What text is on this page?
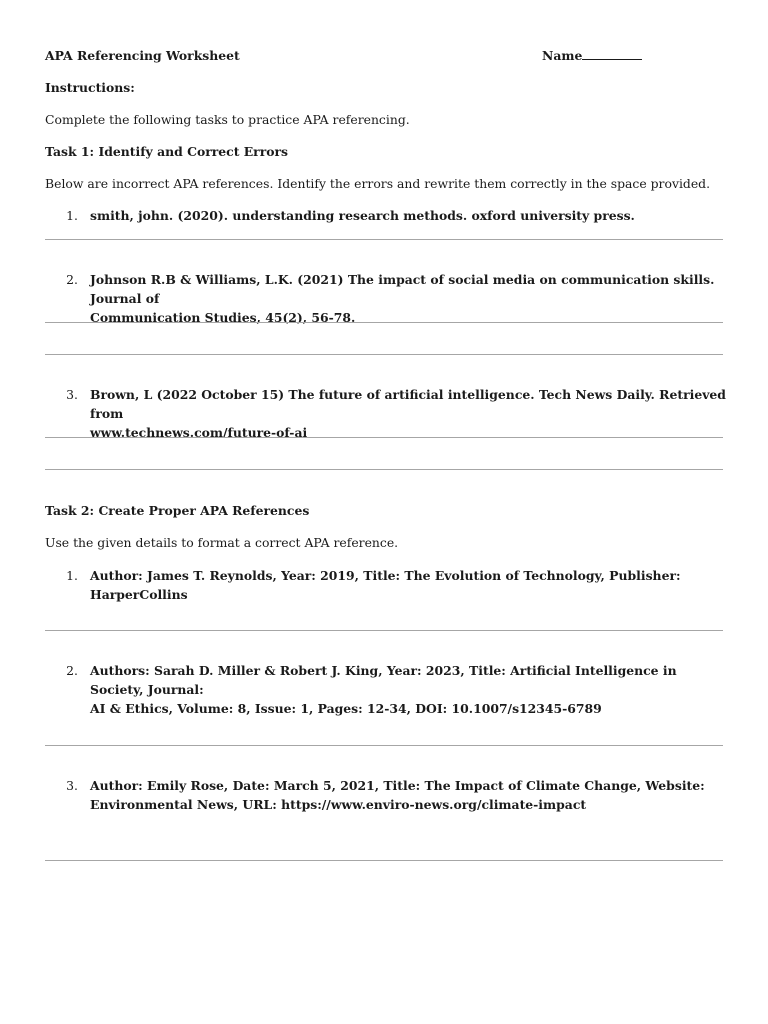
APA Referencing Worksheet	Name
Instructions:
Complete the following tasks to practice APA referencing.
Task 1: Identify and Correct Errors
Below are incorrect APA references. Identify the errors and rewrite them correctly in the space provided.
1. smith, john. (2020). understanding research methods. oxford university press.
2. Johnson R.B & Williams, L.K. (2021) The impact of social media on communication skills. Journal of
Communication Studies, 45(2), 56-78.
3. Brown, L (2022 October 15) The future of artificial intelligence. Tech News Daily. Retrieved from
www.technews.com/future-of-ai
Task 2: Create Proper APA References
Use the given details to format a correct APA reference.
1. Author: James T. Reynolds, Year: 2019, Title: The Evolution of Technology, Publisher: HarperCollins
2. Authors: Sarah D. Miller & Robert J. King, Year: 2023, Title: Artificial Intelligence in Society, Journal:
AI & Ethics, Volume: 8, Issue: 1, Pages: 12-34, DOI: 10.1007/s12345-6789
3. Author: Emily Rose, Date: March 5, 2021, Title: The Impact of Climate Change, Website:
Environmental News, URL: https://www.enviro-news.org/climate-impact
